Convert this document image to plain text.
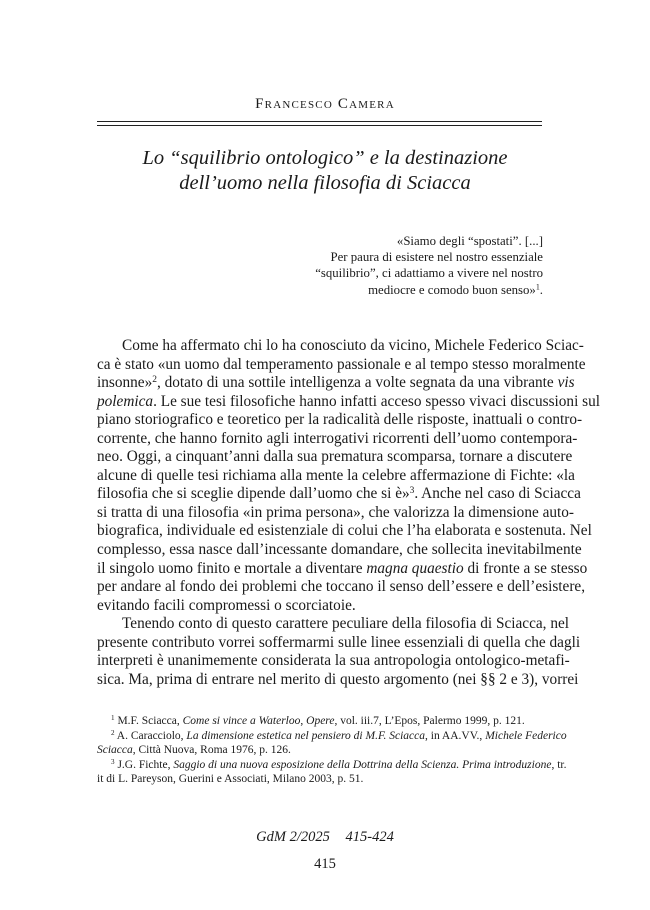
Francesco Camera
Lo “squilibrio ontologico” e la destinazione
dell’uomo nella filosofia di Sciacca
«Siamo degli “spostati”. [...]
Per paura di esistere nel nostro essenziale
“squilibrio”, ci adattiamo a vivere nel nostro
mediocre e comodo buon senso»$^1$.
Come ha affermato chi lo ha conosciuto da vicino, Michele Federico Sciac-
ca è stato «un uomo dal temperamento passionale e al tempo stesso moralmente
insonne»$^2$, dotato di una sottile intelligenza a volte segnata da una vibrante vis
polemica. Le sue tesi filosofiche hanno infatti acceso spesso vivaci discussioni sul
piano storiografico e teoretico per la radicalità delle risposte, inattuali o contro-
corrente, che hanno fornito agli interrogativi ricorrenti dell’uomo contempora-
neo. Oggi, a cinquant’anni dalla sua prematura scomparsa, tornare a discutere
alcune di quelle tesi richiama alla mente la celebre affermazione di Fichte: «la
filosofia che si sceglie dipende dall’uomo che si è»$^3$. Anche nel caso di Sciacca
si tratta di una filosofia «in prima persona», che valorizza la dimensione auto-
biografica, individuale ed esistenziale di colui che l’ha elaborata e sostenuta. Nel
complesso, essa nasce dall’incessante domandare, che sollecita inevitabilmente
il singolo uomo finito e mortale a diventare magna quaestio di fronte a se stesso
per andare al fondo dei problemi che toccano il senso dell’essere e dell’esistere,
evitando facili compromessi o scorciatoie.
Tenendo conto di questo carattere peculiare della filosofia di Sciacca, nel
presente contributo vorrei soffermarmi sulle linee essenziali di quella che dagli
interpreti è unanimemente considerata la sua antropologia ontologico-metafi-
sica. Ma, prima di entrare nel merito di questo argomento (nei §§ 2 e 3), vorrei
$^1$ M.F. Sciacca, Come si vince a Waterloo, Opere, vol. iii.7, L’Epos, Palermo 1999, p. 121.
$^2$ A. Caracciolo, La dimensione estetica nel pensiero di M.F. Sciacca, in AA.VV., Michele Federico
Sciacca, Città Nuova, Roma 1976, p. 126.
$^3$ J.G. Fichte, Saggio di una nuova esposizione della Dottrina della Scienza. Prima introduzione, tr.
it di L. Pareyson, Guerini e Associati, Milano 2003, p. 51.
GdM 2/2025 415-424
415
